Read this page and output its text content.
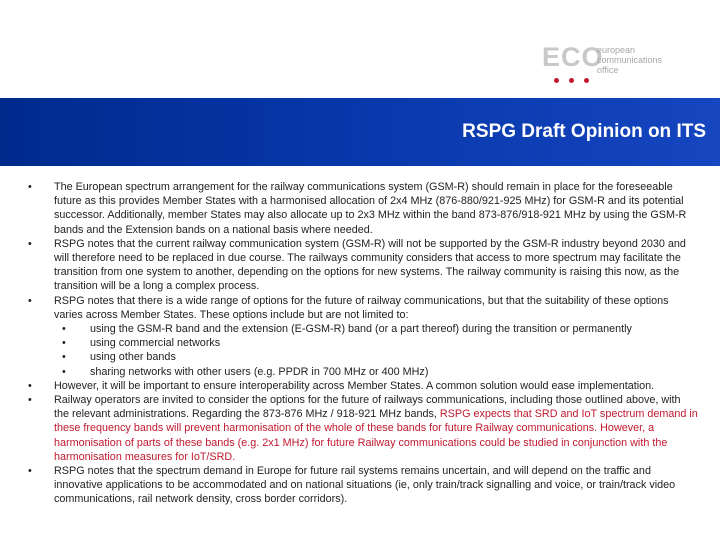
ECO
european
communications
office
RSPG Draft Opinion on ITS
• The European spectrum arrangement for the railway communications system (GSM-R) should remain in place for the foreseeable future as this provides Member States with a harmonised allocation of 2x4 MHz (876-880/921-925 MHz) for GSM-R and its potential successor. Additionally, member States may also allocate up to 2x3 MHz within the band 873-876/918-921 MHz by using the GSM-R bands and the Extension bands on a national basis where needed.
• RSPG notes that the current railway communication system (GSM-R) will not be supported by the GSM-R industry beyond 2030 and will therefore need to be replaced in due course. The railways community considers that access to more spectrum may facilitate the transition from one system to another, depending on the options for new systems. The railway community is raising this now, as the transition will be a long a complex process.
• RSPG notes that there is a wide range of options for the future of railway communications, but that the suitability of these options varies across Member States. These options include but are not limited to:
• using the GSM-R band and the extension (E-GSM-R) band (or a part thereof) during the transition or permanently
• using commercial networks
• using other bands
• sharing networks with other users (e.g. PPDR in 700 MHz or 400 MHz)
• However, it will be important to ensure interoperability across Member States. A common solution would ease implementation.
• Railway operators are invited to consider the options for the future of railways communications, including those outlined above, with the relevant administrations. Regarding the 873-876 MHz / 918-921 MHz bands, RSPG expects that SRD and IoT spectrum demand in these frequency bands will prevent harmonisation of the whole of these bands for future Railway communications. However, a harmonisation of parts of these bands (e.g. 2x1 MHz) for future Railway communications could be studied in conjunction with the harmonisation measures for IoT/SRD.
• RSPG notes that the spectrum demand in Europe for future rail systems remains uncertain, and will depend on the traffic and innovative applications to be accommodated and on national situations (ie, only train/track signalling and voice, or train/track video communications, rail network density, cross border corridors).
